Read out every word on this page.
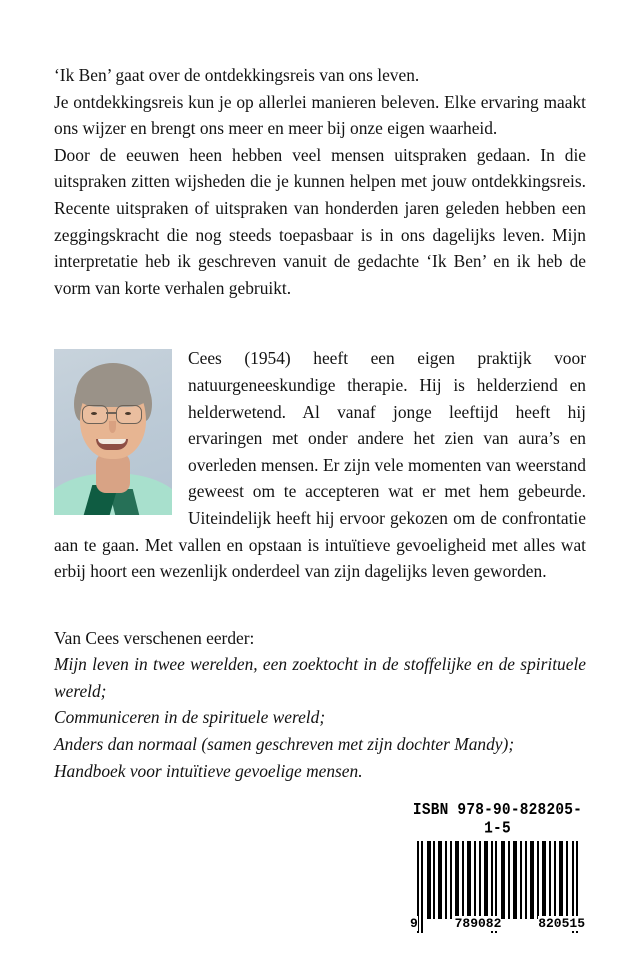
‘Ik Ben’ gaat over de ontdekkingsreis van ons leven.

Je ontdekkingsreis kun je op allerlei manieren beleven. Elke ervaring maakt ons wijzer en brengt ons meer en meer bij onze eigen waarheid.

Door de eeuwen heen hebben veel mensen uitspraken gedaan. In die uitspraken zitten wijsheden die je kunnen helpen met jouw ontdekkingsreis. Recente uitspraken of uitspraken van honderden jaren geleden hebben een zeggingskracht die nog steeds toepasbaar is in ons dagelijks leven. Mijn interpretatie heb ik geschreven vanuit de gedachte ‘Ik Ben’ en ik heb de vorm van korte verhalen gebruikt.

Cees (1954) heeft een eigen praktijk voor natuurgeneeskundige therapie. Hij is helderziend en helderwetend. Al vanaf jonge leeftijd heeft hij ervaringen met onder andere het zien van aura’s en overleden mensen. Er zijn vele momenten van weerstand geweest om te accepteren wat er met hem gebeurde. Uiteindelijk heeft hij ervoor gekozen om de confrontatie aan te gaan. Met vallen en opstaan is intuïtieve gevoeligheid met alles wat erbij hoort een wezenlijk onderdeel van zijn dagelijks leven geworden.

Van Cees verschenen eerder:

Mijn leven in twee werelden, een zoektocht in de stoffelijke en de spirituele wereld;
Communiceren in de spirituele wereld;
Anders dan normaal (samen geschreven met zijn dochter Mandy);
Handboek voor intuïtieve gevoelige mensen.
ISBN 978-90-828205-1-5
9	789082	820515
